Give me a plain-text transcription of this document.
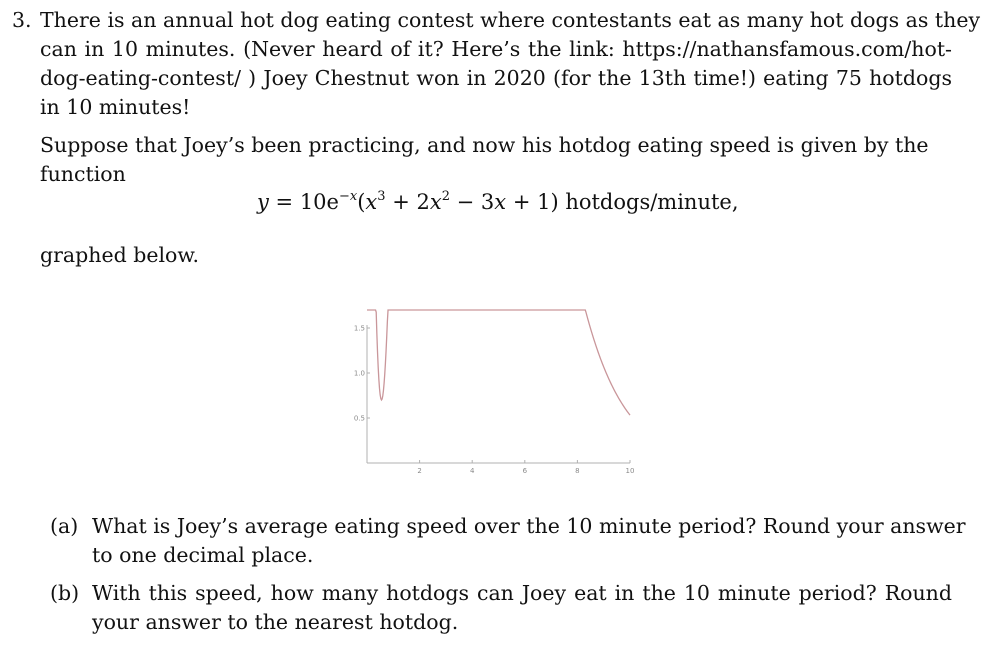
3. There is an annual hot dog eating contest where contestants eat as many hot dogs as they
can in 10 minutes. (Never heard of it? Here’s the link: https://nathansfamous.com/hot-
dog-eating-contest/ ) Joey Chestnut won in 2020 (for the 13th time!) eating 75 hotdogs
in 10 minutes!
Suppose that Joey’s been practicing, and now his hotdog eating speed is given by the
function
$y = 10e^{-x}(x^3 + 2x^2 - 3x + 1)$ hotdogs/minute,
graphed below.
2	4	6	8	10
0.5
1.0
1.5
(a) What is Joey’s average eating speed over the 10 minute period? Round your answer
to one decimal place.
(b) With this speed, how many hotdogs can Joey eat in the 10 minute period? Round
your answer to the nearest hotdog.
